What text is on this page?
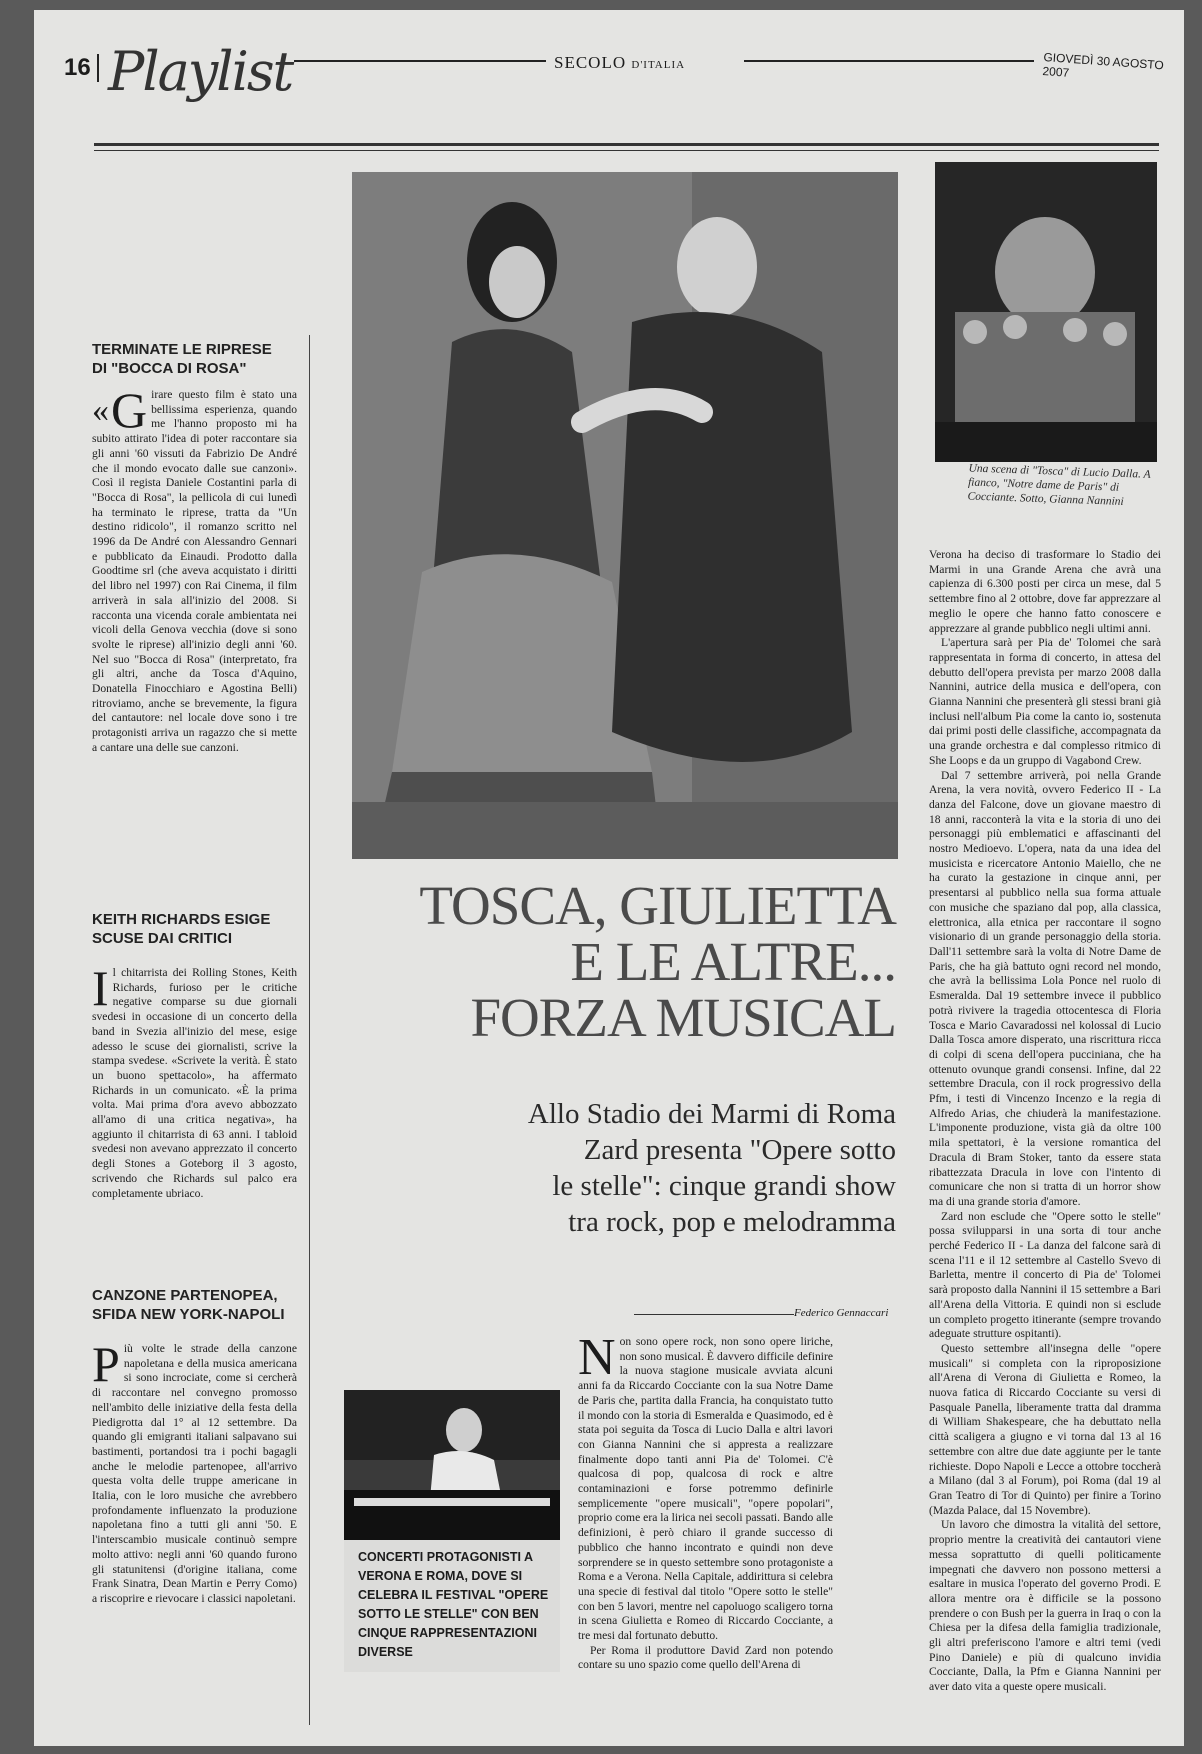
16 Playlist	SECOLO D'ITALIA	GIOVEDÌ 30 AGOSTO 2007
TERMINATE LE RIPRESE
DI "BOCCA DI ROSA"
« G irare questo film è stato una bellissima esperienza, quando me l'hanno proposto mi ha subito attirato l'idea di poter raccontare sia gli anni '60 vissuti da Fabrizio De André che il mondo evocato dalle sue canzoni». Così il regista Daniele Costantini parla di "Bocca di Rosa", la pellicola di cui lunedì ha terminato le riprese, tratta da "Un destino ridicolo", il romanzo scritto nel 1996 da De André con Alessandro Gennari e pubblicato da Einaudi. Prodotto dalla Goodtime srl (che aveva acquistato i diritti del libro nel 1997) con Rai Cinema, il film arriverà in sala all'inizio del 2008. Si racconta una vicenda corale ambientata nei vicoli della Genova vecchia (dove si sono svolte le riprese) all'inizio degli anni '60. Nel suo "Bocca di Rosa" (interpretato, fra gli altri, anche da Tosca d'Aquino, Donatella Finocchiaro e Agostina Belli) ritroviamo, anche se brevemente, la figura del cantautore: nel locale dove sono i tre protagonisti arriva un ragazzo che si mette a cantare una delle sue canzoni.
KEITH RICHARDS ESIGE
SCUSE DAI CRITICI
I l chitarrista dei Rolling Stones, Keith Richards, furioso per le critiche negative comparse su due giornali svedesi in occasione di un concerto della band in Svezia all'inizio del mese, esige adesso le scuse dei giornalisti, scrive la stampa svedese. «Scrivete la verità. È stato un buono spettacolo», ha affermato Richards in un comunicato. «È la prima volta. Mai prima d'ora avevo abbozzato all'amo di una critica negativa», ha aggiunto il chitarrista di 63 anni. I tabloid svedesi non avevano apprezzato il concerto degli Stones a Goteborg il 3 agosto, scrivendo che Richards sul palco era completamente ubriaco.
CANZONE PARTENOPEA,
SFIDA NEW YORK-NAPOLI
P iù volte le strade della canzone napoletana e della musica americana si sono incrociate, come si cercherà di raccontare nel convegno promosso nell'ambito delle iniziative della festa della Piedigrotta dal 1° al 12 settembre. Da quando gli emigranti italiani salpavano sui bastimenti, portandosi tra i pochi bagagli anche le melodie partenopee, all'arrivo questa volta delle truppe americane in Italia, con le loro musiche che avrebbero profondamente influenzato la produzione napoletana fino a tutti gli anni '50. E l'interscambio musicale continuò sempre molto attivo: negli anni '60 quando furono gli statunitensi (d'origine italiana, come Frank Sinatra, Dean Martin e Perry Como) a riscoprire e rievocare i classici napoletani.
Una scena di "Tosca" di Lucio Dalla. A fianco, "Notre dame de Paris" di Cocciante. Sotto, Gianna Nannini
TOSCA, GIULIETTA
E LE ALTRE...
FORZA MUSICAL
Allo Stadio dei Marmi di Roma
Zard presenta "Opere sotto
le stelle": cinque grandi show
tra rock, pop e melodramma
Federico Gennaccari
CONCERTI PROTAGONISTI A VERONA E ROMA, DOVE SI CELEBRA IL FESTIVAL "OPERE SOTTO LE STELLE" CON BEN CINQUE RAPPRESENTAZIONI DIVERSE
N on sono opere rock, non sono opere liriche, non sono musical. È davvero difficile definire la nuova stagione musicale avviata alcuni anni fa da Riccardo Cocciante con la sua Notre Dame de Paris che, partita dalla Francia, ha conquistato tutto il mondo con la storia di Esmeralda e Quasimodo, ed è stata poi seguita da Tosca di Lucio Dalla e altri lavori con Gianna Nannini che si appresta a realizzare finalmente dopo tanti anni Pia de' Tolomei. C'è qualcosa di pop, qualcosa di rock e altre contaminazioni e forse potremmo definirle semplicemente "opere musicali", "opere popolari", proprio come era la lirica nei secoli passati. Bando alle definizioni, è però chiaro il grande successo di pubblico che hanno incontrato e quindi non deve sorprendere se in questo settembre sono protagoniste a Roma e a Verona. Nella Capitale, addirittura si celebra una specie di festival dal titolo "Opere sotto le stelle" con ben 5 lavori, mentre nel capoluogo scaligero torna in scena Giulietta e Romeo di Riccardo Cocciante, a tre mesi dal fortunato debutto.
Per Roma il produttore David Zard non potendo contare su uno spazio come quello dell'Arena di
Verona ha deciso di trasformare lo Stadio dei Marmi in una Grande Arena che avrà una capienza di 6.300 posti per circa un mese, dal 5 settembre fino al 2 ottobre, dove far apprezzare al meglio le opere che hanno fatto conoscere e apprezzare al grande pubblico negli ultimi anni.
L'apertura sarà per Pia de' Tolomei che sarà rappresentata in forma di concerto, in attesa del debutto dell'opera prevista per marzo 2008 dalla Nannini, autrice della musica e dell'opera, con Gianna Nannini che presenterà gli stessi brani già inclusi nell'album Pia come la canto io, sostenuta dai primi posti delle classifiche, accompagnata da una grande orchestra e dal complesso ritmico di She Loops e da un gruppo di Vagabond Crew.
Dal 7 settembre arriverà, poi nella Grande Arena, la vera novità, ovvero Federico II - La danza del Falcone, dove un giovane maestro di 18 anni, racconterà la vita e la storia di uno dei personaggi più emblematici e affascinanti del nostro Medioevo. L'opera, nata da una idea del musicista e ricercatore Antonio Maiello, che ne ha curato la gestazione in cinque anni, per presentarsi al pubblico nella sua forma attuale con musiche che spaziano dal pop, alla classica, elettronica, alla etnica per raccontare il sogno visionario di un grande personaggio della storia. Dall'11 settembre sarà la volta di Notre Dame de Paris, che ha già battuto ogni record nel mondo, che avrà la bellissima Lola Ponce nel ruolo di Esmeralda. Dal 19 settembre invece il pubblico potrà rivivere la tragedia ottocentesca di Floria Tosca e Mario Cavaradossi nel kolossal di Lucio Dalla Tosca amore disperato, una riscrittura ricca di colpi di scena dell'opera pucciniana, che ha ottenuto ovunque grandi consensi. Infine, dal 22 settembre Dracula, con il rock progressivo della Pfm, i testi di Vincenzo Incenzo e la regia di Alfredo Arias, che chiuderà la manifestazione. L'imponente produzione, vista già da oltre 100 mila spettatori, è la versione romantica del Dracula di Bram Stoker, tanto da essere stata ribattezzata Dracula in love con l'intento di comunicare che non si tratta di un horror show ma di una grande storia d'amore.
Zard non esclude che "Opere sotto le stelle" possa svilupparsi in una sorta di tour anche perché Federico II - La danza del falcone sarà di scena l'11 e il 12 settembre al Castello Svevo di Barletta, mentre il concerto di Pia de' Tolomei sarà proposto dalla Nannini il 15 settembre a Bari all'Arena della Vittoria. E quindi non si esclude un completo progetto itinerante (sempre trovando adeguate strutture ospitanti).
Questo settembre all'insegna delle "opere musicali" si completa con la riproposizione all'Arena di Verona di Giulietta e Romeo, la nuova fatica di Riccardo Cocciante su versi di Pasquale Panella, liberamente tratta dal dramma di William Shakespeare, che ha debuttato nella città scaligera a giugno e vi torna dal 13 al 16 settembre con altre due date aggiunte per le tante richieste. Dopo Napoli e Lecce a ottobre toccherà a Milano (dal 3 al Forum), poi Roma (dal 19 al Gran Teatro di Tor di Quinto) per finire a Torino (Mazda Palace, dal 15 Novembre).
Un lavoro che dimostra la vitalità del settore, proprio mentre la creatività dei cantautori viene messa soprattutto di quelli politicamente impegnati che davvero non possono mettersi a esaltare in musica l'operato del governo Prodi. E allora mentre ora è difficile se la possono prendere o con Bush per la guerra in Iraq o con la Chiesa per la difesa della famiglia tradizionale, gli altri preferiscono l'amore e altri temi (vedi Pino Daniele) e più di qualcuno invidia Cocciante, Dalla, la Pfm e Gianna Nannini per aver dato vita a queste opere musicali.
